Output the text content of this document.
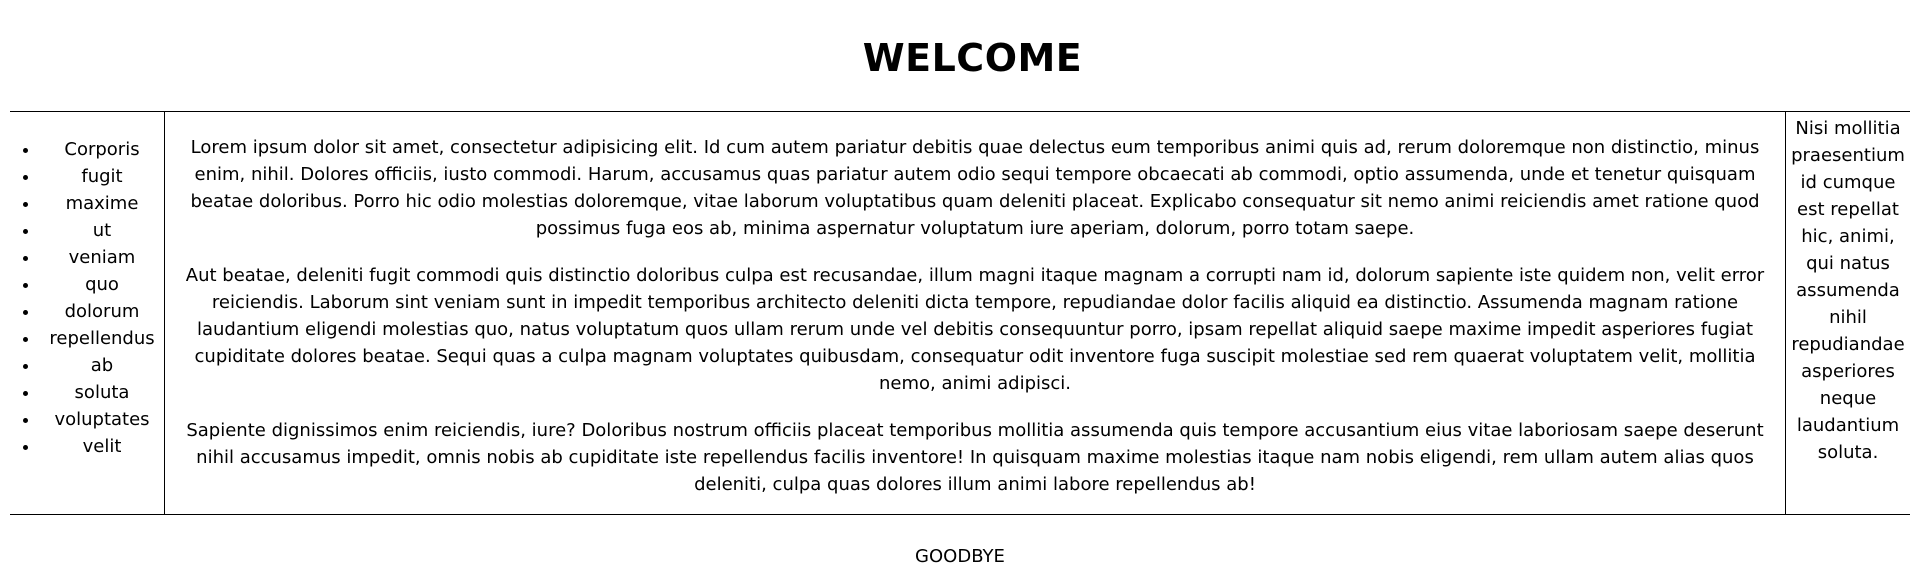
WELCOME
• Corporis
• fugit
• maxime
• ut
• veniam
• quo
• dolorum
• repellendus
• ab
• soluta
• voluptates
• velit

Lorem ipsum dolor sit amet, consectetur adipisicing elit. Id cum autem pariatur debitis quae delectus eum temporibus animi quis ad, rerum doloremque non distinctio, minus enim, nihil. Dolores officiis, iusto commodi. Harum, accusamus quas pariatur autem odio sequi tempore obcaecati ab commodi, optio assumenda, unde et tenetur quisquam beatae doloribus. Porro hic odio molestias doloremque, vitae laborum voluptatibus quam deleniti placeat. Explicabo consequatur sit nemo animi reiciendis amet ratione quod possimus fuga eos ab, minima aspernatur voluptatum iure aperiam, dolorum, porro totam saepe.

Aut beatae, deleniti fugit commodi quis distinctio doloribus culpa est recusandae, illum magni itaque magnam a corrupti nam id, dolorum sapiente iste quidem non, velit error reiciendis. Laborum sint veniam sunt in impedit temporibus architecto deleniti dicta tempore, repudiandae dolor facilis aliquid ea distinctio. Assumenda magnam ratione laudantium eligendi molestias quo, natus voluptatum quos ullam rerum unde vel debitis consequuntur porro, ipsam repellat aliquid saepe maxime impedit asperiores fugiat cupiditate dolores beatae. Sequi quas a culpa magnam voluptates quibusdam, consequatur odit inventore fuga suscipit molestiae sed rem quaerat voluptatem velit, mollitia nemo, animi adipisci.

Sapiente dignissimos enim reiciendis, iure? Doloribus nostrum officiis placeat temporibus mollitia assumenda quis tempore accusantium eius vitae laboriosam saepe deserunt nihil accusamus impedit, omnis nobis ab cupiditate iste repellendus facilis inventore! In quisquam maxime molestias itaque nam nobis eligendi, rem ullam autem alias quos deleniti, culpa quas dolores illum animi labore repellendus ab!

Nisi mollitia praesentium id cumque est repellat hic, animi, qui natus assumenda nihil repudiandae asperiores neque laudantium soluta.
GOODBYE
